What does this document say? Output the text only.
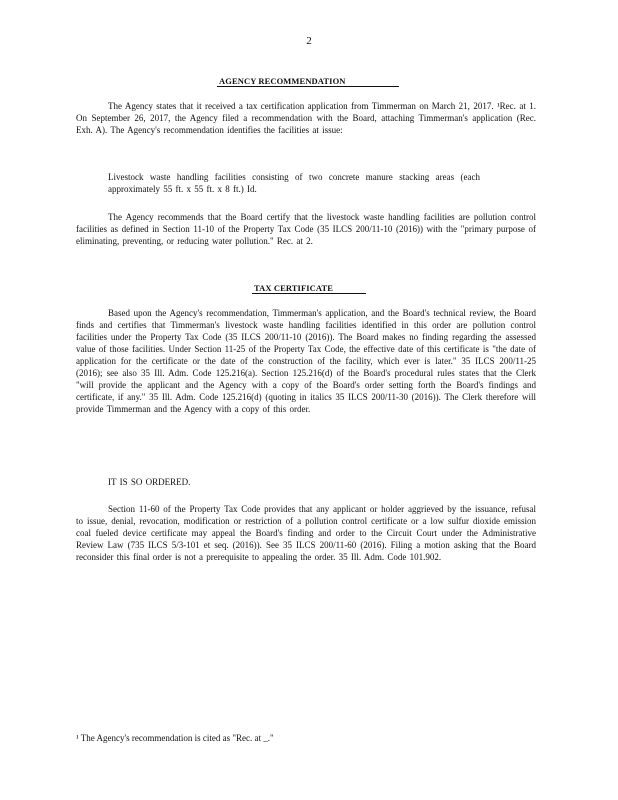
2
AGENCY RECOMMENDATION
The Agency states that it received a tax certification application from Timmerman on March 21, 2017. ¹Rec. at 1. On September 26, 2017, the Agency filed a recommendation with the Board, attaching Timmerman's application (Rec. Exh. A). The Agency's recommendation identifies the facilities at issue:
Livestock waste handling facilities consisting of two concrete manure stacking areas (each approximately 55 ft. x 55 ft. x 8 ft.) Id.
The Agency recommends that the Board certify that the livestock waste handling facilities are pollution control facilities as defined in Section 11-10 of the Property Tax Code (35 ILCS 200/11-10 (2016)) with the "primary purpose of eliminating, preventing, or reducing water pollution." Rec. at 2.
TAX CERTIFICATE
Based upon the Agency's recommendation, Timmerman's application, and the Board's technical review, the Board finds and certifies that Timmerman's livestock waste handling facilities identified in this order are pollution control facilities under the Property Tax Code (35 ILCS 200/11-10 (2016)). The Board makes no finding regarding the assessed value of those facilities. Under Section 11-25 of the Property Tax Code, the effective date of this certificate is "the date of application for the certificate or the date of the construction of the facility, which ever is later." 35 ILCS 200/11-25 (2016); see also 35 Ill. Adm. Code 125.216(a). Section 125.216(d) of the Board's procedural rules states that the Clerk "will provide the applicant and the Agency with a copy of the Board's order setting forth the Board's findings and certificate, if any." 35 Ill. Adm. Code 125.216(d) (quoting in italics 35 ILCS 200/11-30 (2016)). The Clerk therefore will provide Timmerman and the Agency with a copy of this order.
IT IS SO ORDERED.
Section 11-60 of the Property Tax Code provides that any applicant or holder aggrieved by the issuance, refusal to issue, denial, revocation, modification or restriction of a pollution control certificate or a low sulfur dioxide emission coal fueled device certificate may appeal the Board's finding and order to the Circuit Court under the Administrative Review Law (735 ILCS 5/3-101 et seq. (2016)). See 35 ILCS 200/11-60 (2016). Filing a motion asking that the Board reconsider this final order is not a prerequisite to appealing the order. 35 Ill. Adm. Code 101.902.
¹ The Agency's recommendation is cited as "Rec. at _."
